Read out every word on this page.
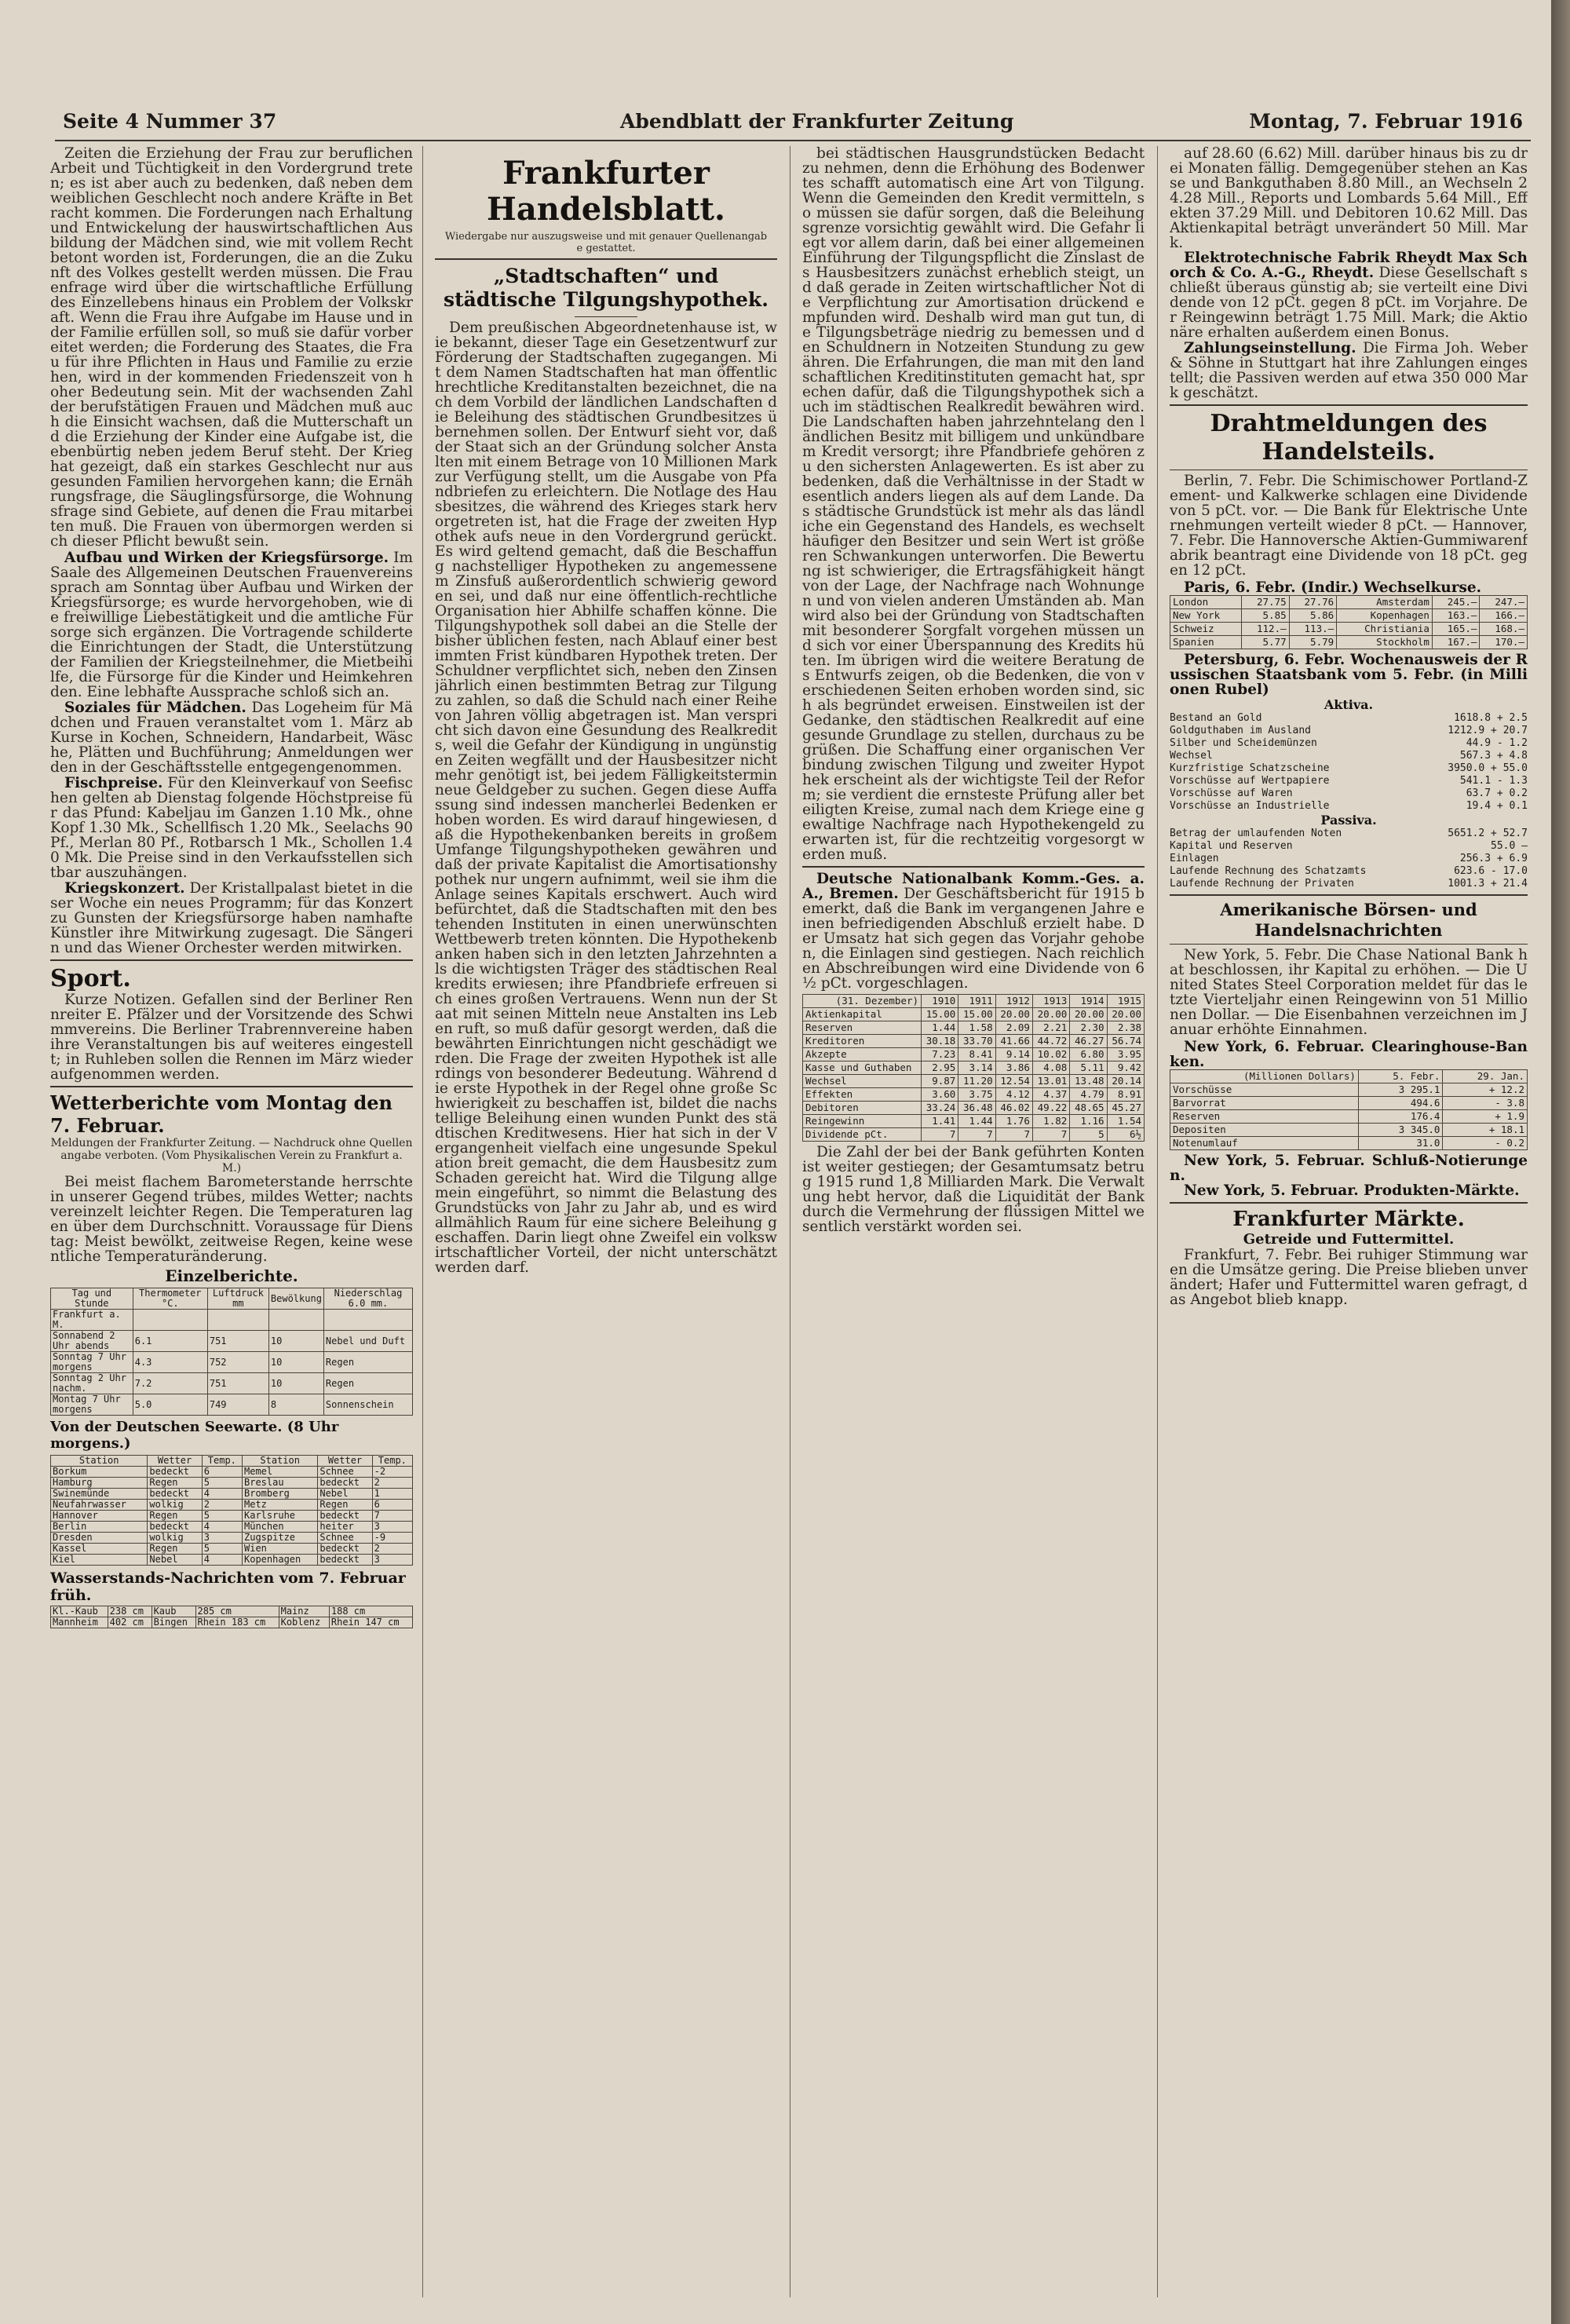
Seite 4 Nummer 37	Abendblatt der Frankfurter Zeitung	Montag, 7. Februar 1916

Zeiten die Erziehung der Frau zur beruflichen Arbeit und Tüchtigkeit in den Vordergrund treten; es ist aber auch zu bedenken, daß neben dem weiblichen Geschlecht noch andere Kräfte in Betracht kommen. Die Forderungen nach Erhaltung und Entwickelung der hauswirtschaftlichen Ausbildung der Mädchen sind, wie mit vollem Recht betont worden ist, Forderungen, die an die Zukunft des Volkes gestellt werden müssen. Die Frauenfrage wird über die wirtschaftliche Erfüllung des Einzellebens hinaus ein Problem der Volkskraft. Wenn die Frau ihre Aufgabe im Hause und in der Familie erfüllen soll, so muß sie dafür vorbereitet werden; die Forderung des Staates, die Frau für ihre Pflichten in Haus und Familie zu erziehen, wird in der kommenden Friedenszeit von hoher Bedeutung sein. Mit der wachsenden Zahl der berufstätigen Frauen und Mädchen muß auch die Einsicht wachsen, daß die Mutterschaft und die Erziehung der Kinder eine Aufgabe ist, die ebenbürtig neben jedem Beruf steht. Der Krieg hat gezeigt, daß ein starkes Geschlecht nur aus gesunden Familien hervorgehen kann; die Ernährungsfrage, die Säuglingsfürsorge, die Wohnungsfrage sind Gebiete, auf denen die Frau mitarbeiten muß. Die Frauen von übermorgen werden sich dieser Pflicht bewußt sein.

Aufbau und Wirken der Kriegsfürsorge. Im Saale des Allgemeinen Deutschen Frauenvereins sprach am Sonntag über Aufbau und Wirken der Kriegsfürsorge; es wurde hervorgehoben, wie die freiwillige Liebestätigkeit und die amtliche Fürsorge sich ergänzen. Die Vortragende schilderte die Einrichtungen der Stadt, die Unterstützung der Familien der Kriegsteilnehmer, die Mietbeihilfe, die Fürsorge für die Kinder und Heimkehrenden. Eine lebhafte Aussprache schloß sich an.

Soziales für Mädchen. Das Logeheim für Mädchen und Frauen veranstaltet vom 1. März ab Kurse in Kochen, Schneidern, Handarbeit, Wäsche, Plätten und Buchführung; Anmeldungen werden in der Geschäftsstelle entgegengenommen.

Fischpreise. Für den Kleinverkauf von Seefischen gelten ab Dienstag folgende Höchstpreise für das Pfund: Kabeljau im Ganzen 1.10 Mk., ohne Kopf 1.30 Mk., Schellfisch 1.20 Mk., Seelachs 90 Pf., Merlan 80 Pf., Rotbarsch 1 Mk., Schollen 1.40 Mk. Die Preise sind in den Verkaufsstellen sichtbar auszuhängen.

Kriegskonzert. Der Kristallpalast bietet in dieser Woche ein neues Programm; für das Konzert zu Gunsten der Kriegsfürsorge haben namhafte Künstler ihre Mitwirkung zugesagt. Die Sängerin und das Wiener Orchester werden mitwirken.

Sport.

Kurze Notizen. Gefallen sind der Berliner Rennreiter E. Pfälzer und der Vorsitzende des Schwimmvereins. Die Berliner Trabrennvereine haben ihre Veranstaltungen bis auf weiteres eingestellt; in Ruhleben sollen die Rennen im März wieder aufgenommen werden.

Wetterberichte vom Montag den 7. Februar.
Meldungen der Frankfurter Zeitung. — Nachdruck ohne Quellenangabe verboten. (Vom Physikalischen Verein zu Frankfurt a. M.)

Bei meist flachem Barometerstande herrschte in unserer Gegend trübes, mildes Wetter; nachts vereinzelt leichter Regen. Die Temperaturen lagen über dem Durchschnitt. Voraussage für Dienstag: Meist bewölkt, zeitweise Regen, keine wesentliche Temperaturänderung.

Einzelberichte.
Tag und Stunde	Thermometer °C.	Luftdruck mm	Bewölkung	Niederschlag 6.0 mm.
Frankfurt a. M.				
Sonnabend 2 Uhr abends	6.1	751	10	Nebel und Duft
Sonntag 7 Uhr morgens	4.3	752	10	Regen
Sonntag 2 Uhr nachm.	7.2	751	10	Regen
Montag 7 Uhr morgens	5.0	749	8	Sonnenschein
Von der Deutschen Seewarte. (8 Uhr morgens.)
Station	Wetter	Temp.	Station	Wetter	Temp.
Borkum	bedeckt	6	Memel	Schnee	-2
Hamburg	Regen	5	Breslau	bedeckt	2
Swinemünde	bedeckt	4	Bromberg	Nebel	1
Neufahrwasser	wolkig	2	Metz	Regen	6
Hannover	Regen	5	Karlsruhe	bedeckt	7
Berlin	bedeckt	4	München	heiter	3
Dresden	wolkig	3	Zugspitze	Schnee	-9
Kassel	Regen	5	Wien	bedeckt	2
Kiel	Nebel	4	Kopenhagen	bedeckt	3
Wasserstands-Nachrichten vom 7. Februar früh.
Kl.-Kaub	238 cm	Kaub	285 cm	Mainz	188 cm
Mannheim	402 cm	Bingen	Rhein 183 cm	Koblenz	Rhein 147 cm
Frankfurter Handelsblatt.
Wiedergabe nur auszugsweise und mit genauer Quellenangabe gestattet.
„Stadtschaften“ und städtische Tilgungshypothek.

Dem preußischen Abgeordnetenhause ist, wie bekannt, dieser Tage ein Gesetzentwurf zur Förderung der Stadtschaften zugegangen. Mit dem Namen Stadtschaften hat man öffentlichrechtliche Kreditanstalten bezeichnet, die nach dem Vorbild der ländlichen Landschaften die Beleihung des städtischen Grundbesitzes übernehmen sollen. Der Entwurf sieht vor, daß der Staat sich an der Gründung solcher Anstalten mit einem Betrage von 10 Millionen Mark zur Verfügung stellt, um die Ausgabe von Pfandbriefen zu erleichtern. Die Notlage des Hausbesitzes, die während des Krieges stark hervorgetreten ist, hat die Frage der zweiten Hypothek aufs neue in den Vordergrund gerückt. Es wird geltend gemacht, daß die Beschaffung nachstelliger Hypotheken zu angemessenem Zinsfuß außerordentlich schwierig geworden sei, und daß nur eine öffentlich-rechtliche Organisation hier Abhilfe schaffen könne. Die Tilgungshypothek soll dabei an die Stelle der bisher üblichen festen, nach Ablauf einer bestimmten Frist kündbaren Hypothek treten. Der Schuldner verpflichtet sich, neben den Zinsen jährlich einen bestimmten Betrag zur Tilgung zu zahlen, so daß die Schuld nach einer Reihe von Jahren völlig abgetragen ist. Man verspricht sich davon eine Gesundung des Realkredits, weil die Gefahr der Kündigung in ungünstigen Zeiten wegfällt und der Hausbesitzer nicht mehr genötigt ist, bei jedem Fälligkeitstermin neue Geldgeber zu suchen. Gegen diese Auffassung sind indessen mancherlei Bedenken erhoben worden. Es wird darauf hingewiesen, daß die Hypothekenbanken bereits in großem Umfange Tilgungshypotheken gewähren und daß der private Kapitalist die Amortisationshypothek nur ungern aufnimmt, weil sie ihm die Anlage seines Kapitals erschwert. Auch wird befürchtet, daß die Stadtschaften mit den bestehenden Instituten in einen unerwünschten Wettbewerb treten könnten. Die Hypothekenbanken haben sich in den letzten Jahrzehnten als die wichtigsten Träger des städtischen Realkredits erwiesen; ihre Pfandbriefe erfreuen sich eines großen Vertrauens. Wenn nun der Staat mit seinen Mitteln neue Anstalten ins Leben ruft, so muß dafür gesorgt werden, daß die bewährten Einrichtungen nicht geschädigt werden. Die Frage der zweiten Hypothek ist allerdings von besonderer Bedeutung. Während die erste Hypothek in der Regel ohne große Schwierigkeit zu beschaffen ist, bildet die nachstellige Beleihung einen wunden Punkt des städtischen Kreditwesens. Hier hat sich in der Vergangenheit vielfach eine ungesunde Spekulation breit gemacht, die dem Hausbesitz zum Schaden gereicht hat. Wird die Tilgung allgemein eingeführt, so nimmt die Belastung des Grundstücks von Jahr zu Jahr ab, und es wird allmählich Raum für eine sichere Beleihung geschaffen. Darin liegt ohne Zweifel ein volkswirtschaftlicher Vorteil, der nicht unterschätzt werden darf.

bei städtischen Hausgrundstücken Bedacht zu nehmen, denn die Erhöhung des Bodenwertes schafft automatisch eine Art von Tilgung. Wenn die Gemeinden den Kredit vermitteln, so müssen sie dafür sorgen, daß die Beleihungsgrenze vorsichtig gewählt wird. Die Gefahr liegt vor allem darin, daß bei einer allgemeinen Einführung der Tilgungspflicht die Zinslast des Hausbesitzers zunächst erheblich steigt, und daß gerade in Zeiten wirtschaftlicher Not die Verpflichtung zur Amortisation drückend empfunden wird. Deshalb wird man gut tun, die Tilgungsbeträge niedrig zu bemessen und den Schuldnern in Notzeiten Stundung zu gewähren. Die Erfahrungen, die man mit den landschaftlichen Kreditinstituten gemacht hat, sprechen dafür, daß die Tilgungshypothek sich auch im städtischen Realkredit bewähren wird. Die Landschaften haben jahrzehntelang den ländlichen Besitz mit billigem und unkündbarem Kredit versorgt; ihre Pfandbriefe gehören zu den sichersten Anlagewerten. Es ist aber zu bedenken, daß die Verhältnisse in der Stadt wesentlich anders liegen als auf dem Lande. Das städtische Grundstück ist mehr als das ländliche ein Gegenstand des Handels, es wechselt häufiger den Besitzer und sein Wert ist größeren Schwankungen unterworfen. Die Bewertung ist schwieriger, die Ertragsfähigkeit hängt von der Lage, der Nachfrage nach Wohnungen und von vielen anderen Umständen ab. Man wird also bei der Gründung von Stadtschaften mit besonderer Sorgfalt vorgehen müssen und sich vor einer Überspannung des Kredits hüten. Im übrigen wird die weitere Beratung des Entwurfs zeigen, ob die Bedenken, die von verschiedenen Seiten erhoben worden sind, sich als begründet erweisen. Einstweilen ist der Gedanke, den städtischen Realkredit auf eine gesunde Grundlage zu stellen, durchaus zu begrüßen. Die Schaffung einer organischen Verbindung zwischen Tilgung und zweiter Hypothek erscheint als der wichtigste Teil der Reform; sie verdient die ernsteste Prüfung aller beteiligten Kreise, zumal nach dem Kriege eine gewaltige Nachfrage nach Hypothekengeld zu erwarten ist, für die rechtzeitig vorgesorgt werden muß.

Deutsche Nationalbank Komm.-Ges. a. A., Bremen. Der Geschäftsbericht für 1915 bemerkt, daß die Bank im vergangenen Jahre einen befriedigenden Abschluß erzielt habe. Der Umsatz hat sich gegen das Vorjahr gehoben, die Einlagen sind gestiegen. Nach reichlichen Abschreibungen wird eine Dividende von 6½ pCt. vorgeschlagen.

(31. Dezember)	1910	1911	1912	1913	1914	1915
Aktienkapital	15.00	15.00	20.00	20.00	20.00	20.00
Reserven	1.44	1.58	2.09	2.21	2.30	2.38
Kreditoren	30.18	33.70	41.66	44.72	46.27	56.74
Akzepte	7.23	8.41	9.14	10.02	6.80	3.95
Kasse und Guthaben	2.95	3.14	3.86	4.08	5.11	9.42
Wechsel	9.87	11.20	12.54	13.01	13.48	20.14
Effekten	3.60	3.75	4.12	4.37	4.79	8.91
Debitoren	33.24	36.48	46.02	49.22	48.65	45.27
Reingewinn	1.41	1.44	1.76	1.82	1.16	1.54
Dividende pCt.	7	7	7	7	5	6½

Die Zahl der bei der Bank geführten Konten ist weiter gestiegen; der Gesamtumsatz betrug 1915 rund 1,8 Milliarden Mark. Die Verwaltung hebt hervor, daß die Liquidität der Bank durch die Vermehrung der flüssigen Mittel wesentlich verstärkt worden sei.

auf 28.60 (6.62) Mill. darüber hinaus bis zu drei Monaten fällig. Demgegenüber stehen an Kasse und Bankguthaben 8.80 Mill., an Wechseln 24.28 Mill., Reports und Lombards 5.64 Mill., Effekten 37.29 Mill. und Debitoren 10.62 Mill. Das Aktienkapital beträgt unverändert 50 Mill. Mark.

Elektrotechnische Fabrik Rheydt Max Schorch & Co. A.-G., Rheydt. Diese Gesellschaft schließt überaus günstig ab; sie verteilt eine Dividende von 12 pCt. gegen 8 pCt. im Vorjahre. Der Reingewinn beträgt 1.75 Mill. Mark; die Aktionäre erhalten außerdem einen Bonus.

Zahlungseinstellung. Die Firma Joh. Weber & Söhne in Stuttgart hat ihre Zahlungen eingestellt; die Passiven werden auf etwa 350 000 Mark geschätzt.

Drahtmeldungen des Handelsteils.

Berlin, 7. Febr. Die Schimischower Portland-Zement- und Kalkwerke schlagen eine Dividende von 5 pCt. vor. — Die Bank für Elektrische Unternehmungen verteilt wieder 8 pCt. — Hannover, 7. Febr. Die Hannoversche Aktien-Gummiwarenfabrik beantragt eine Dividende von 18 pCt. gegen 12 pCt.

Paris, 6. Febr. (Indir.) Wechselkurse.

London	27.75	27.76	Amsterdam	245.—	247.—
New York	5.85	5.86	Kopenhagen	163.—	166.—
Schweiz	112.—	113.—	Christiania	165.—	168.—
Spanien	5.77	5.79	Stockholm	167.—	170.—

Petersburg, 6. Febr. Wochenausweis der Russischen Staatsbank vom 5. Febr. (in Millionen Rubel)

Aktiva.
Bestand an Gold	1618.8 + 2.5
Goldguthaben im Ausland	1212.9 + 20.7
Silber und Scheidemünzen	44.9 - 1.2
Wechsel	567.3 + 4.8
Kurzfristige Schatzscheine	3950.0 + 55.0
Vorschüsse auf Wertpapiere	541.1 - 1.3
Vorschüsse auf Waren	63.7 + 0.2
Vorschüsse an Industrielle	19.4 + 0.1
Passiva.
Betrag der umlaufenden Noten	5651.2 + 52.7
Kapital und Reserven	55.0 —
Einlagen	256.3 + 6.9
Laufende Rechnung des Schatzamts	623.6 - 17.0
Laufende Rechnung der Privaten	1001.3 + 21.4
Amerikanische Börsen- und Handelsnachrichten

New York, 5. Febr. Die Chase National Bank hat beschlossen, ihr Kapital zu erhöhen. — Die United States Steel Corporation meldet für das letzte Vierteljahr einen Reingewinn von 51 Millionen Dollar. — Die Eisenbahnen verzeichnen im Januar erhöhte Einnahmen.

New York, 6. Februar. Clearinghouse-Banken.

(Millionen Dollars)	5. Febr.	29. Jan.
Vorschüsse	3 295.1	+ 12.2
Barvorrat	494.6	- 3.8
Reserven	176.4	+ 1.9
Depositen	3 345.0	+ 18.1
Notenumlauf	31.0	- 0.2

New York, 5. Februar. Schluß-Notierungen.

New York, 5. Februar. Produkten-Märkte.

Frankfurter Märkte.
Getreide und Futtermittel.

Frankfurt, 7. Febr. Bei ruhiger Stimmung waren die Umsätze gering. Die Preise blieben unverändert; Hafer und Futtermittel waren gefragt, das Angebot blieb knapp.
